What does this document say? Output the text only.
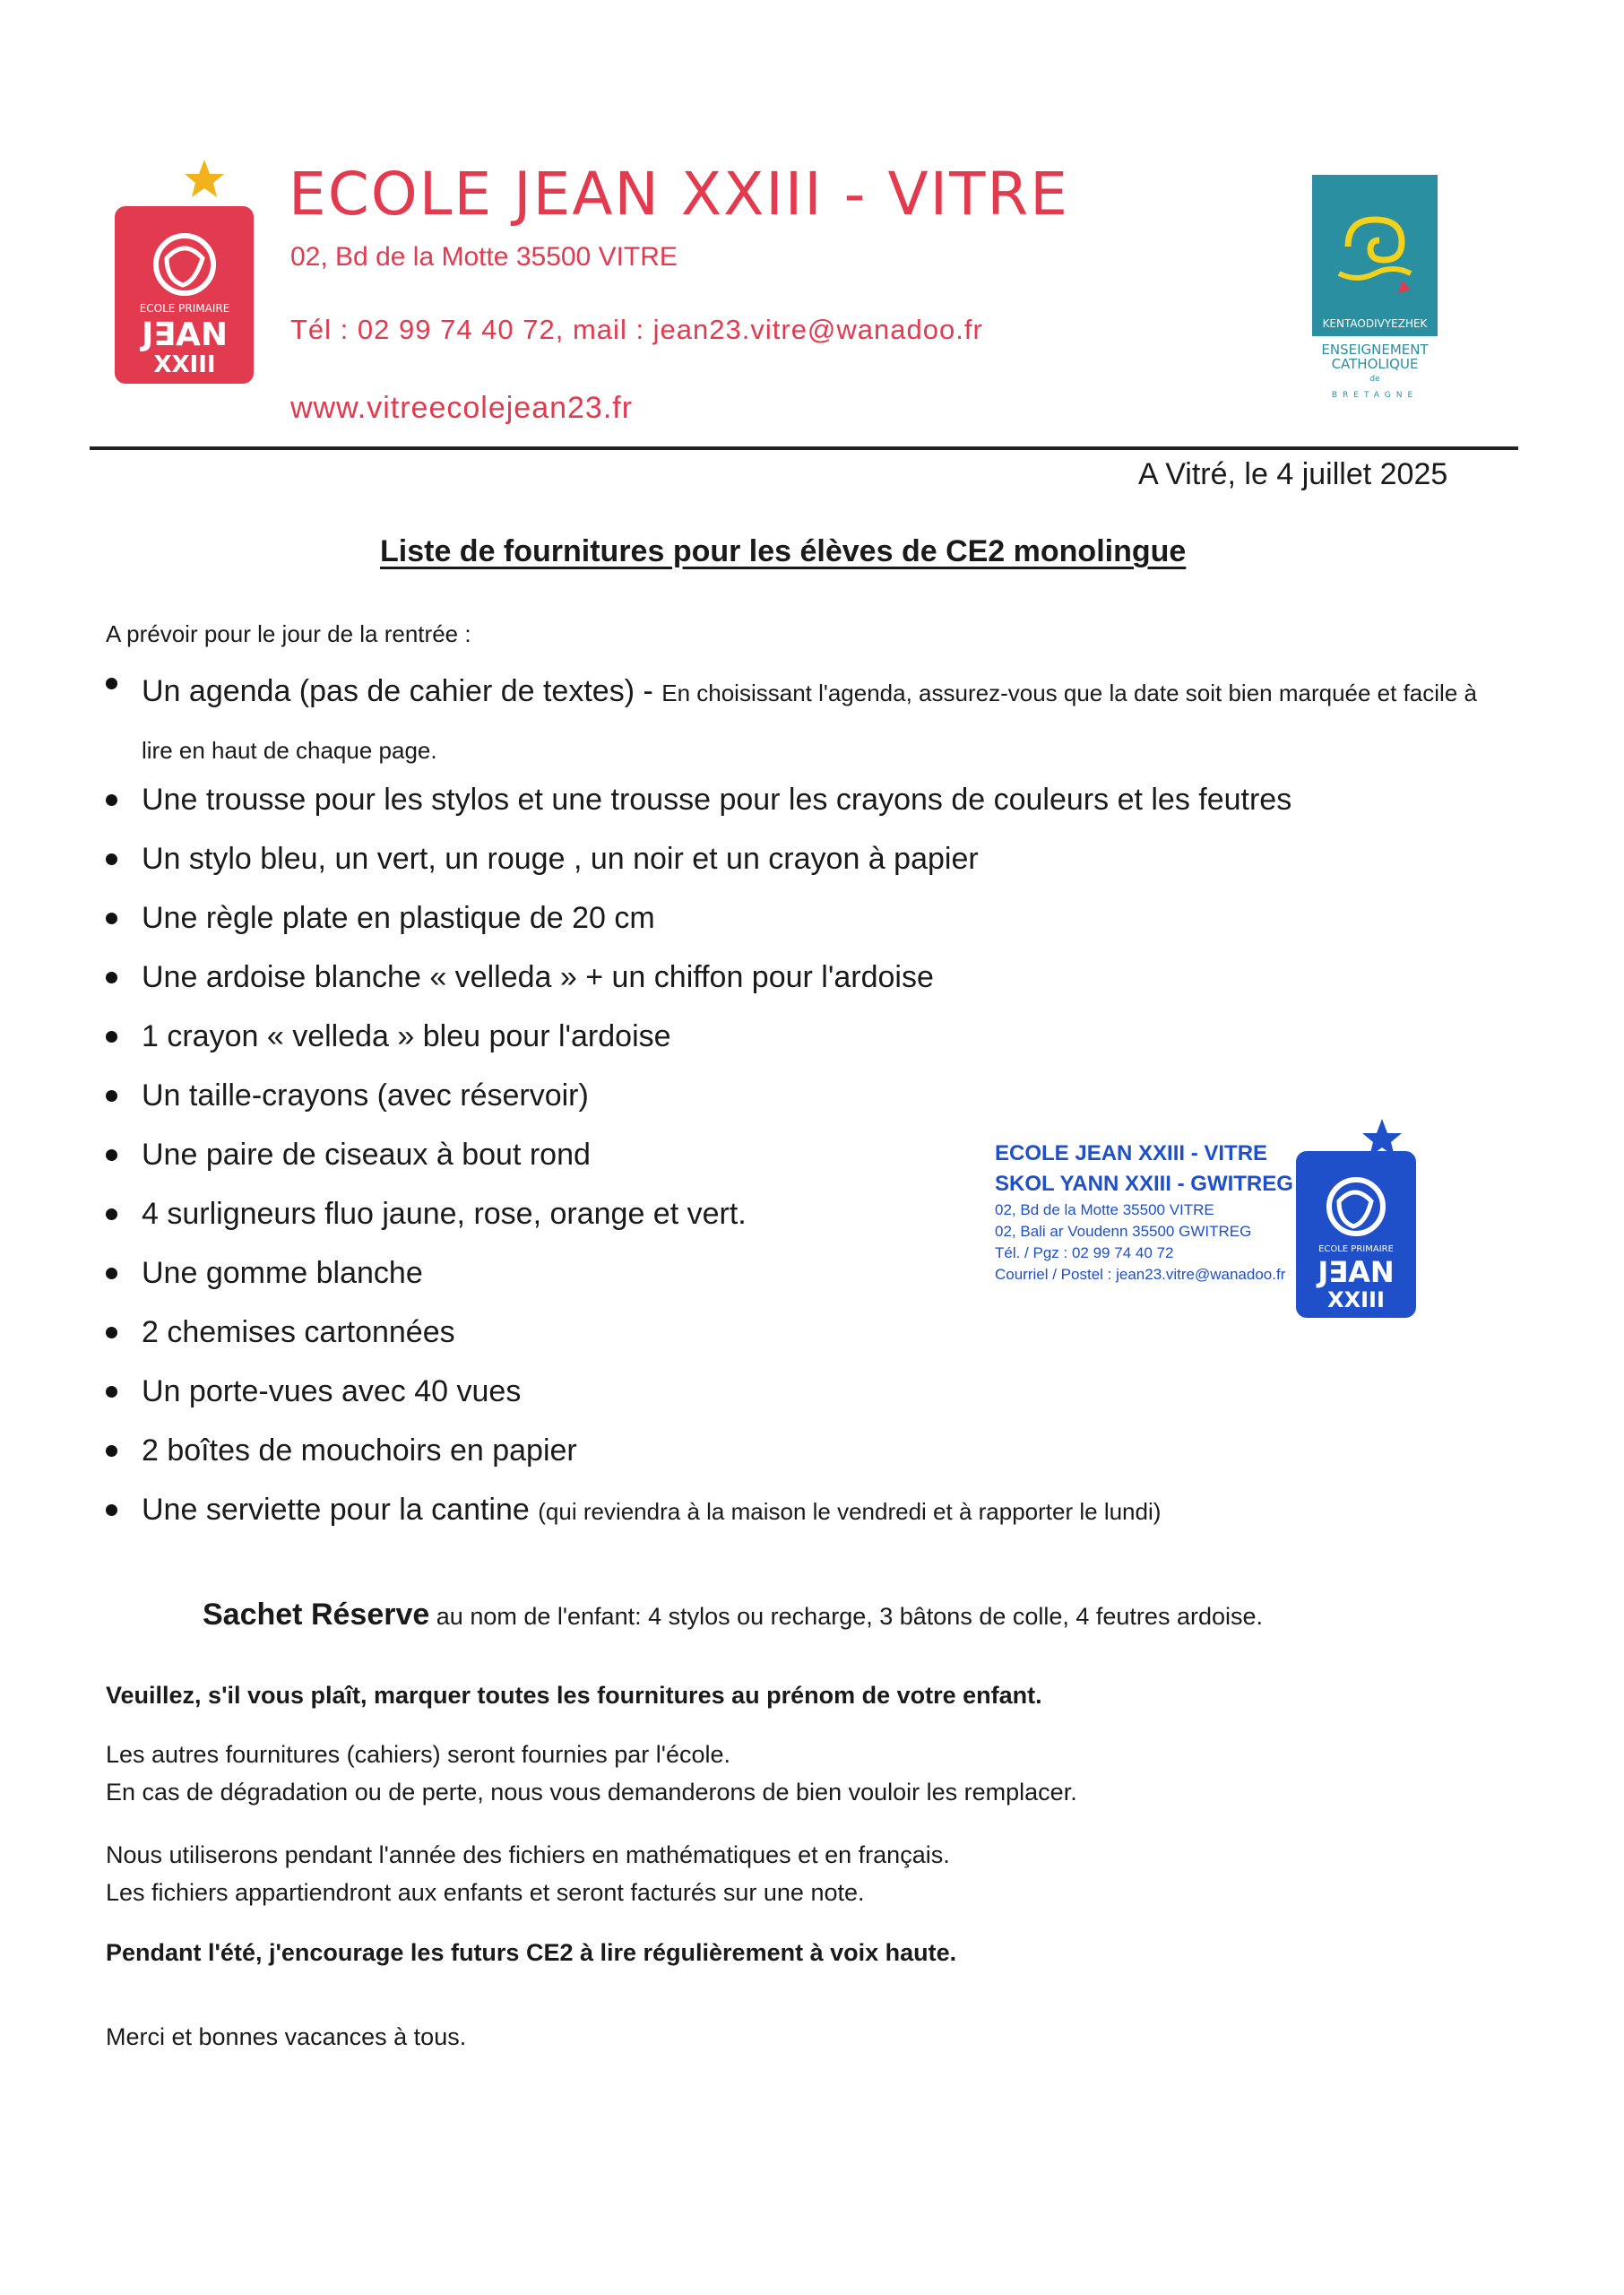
ECOLE PRIMAIRE
J∃AN
XXIII
ECOLE JEAN XXIII - VITRE
02, Bd de la Motte 35500 VITRE
Tél : 02 99 74 40 72, mail : jean23.vitre@wanadoo.fr
www.vitreecolejean23.fr
KENTAODIVYEZHEK
ENSEIGNEMENT
CATHOLIQUE
de
BRETAGNE
A Vitré, le 4 juillet 2025
Liste de fournitures pour les élèves de CE2 monolingue
A prévoir pour le jour de la rentrée :
Un agenda (pas de cahier de textes) - En choisissant l'agenda, assurez-vous que la date soit bien marquée et facile à lire en haut de chaque page.
Une trousse pour les stylos et une trousse pour les crayons de couleurs et les feutres
Un stylo bleu, un vert, un rouge , un noir et un crayon à papier
Une règle plate en plastique de 20 cm
Une ardoise blanche « velleda » + un chiffon pour l'ardoise
1 crayon « velleda » bleu pour l'ardoise
Un taille-crayons (avec réservoir)
Une paire de ciseaux à bout rond
4 surligneurs fluo jaune, rose, orange et vert.
Une gomme blanche
2 chemises cartonnées
Un porte-vues avec 40 vues
2 boîtes de mouchoirs en papier
Une serviette pour la cantine (qui reviendra à la maison le vendredi et à rapporter le lundi)
ECOLE JEAN XXIII - VITRE
SKOL YANN XXIII - GWITREG
02, Bd de la Motte 35500 VITRE
02, Bali ar Voudenn 35500 GWITREG
Tél. / Pgz : 02 99 74 40 72
Courriel / Postel : jean23.vitre@wanadoo.fr
ECOLE PRIMAIRE
J∃AN
XXIII
Sachet Réserve au nom de l'enfant: 4 stylos ou recharge, 3 bâtons de colle, 4 feutres ardoise.
Veuillez, s'il vous plaît, marquer toutes les fournitures au prénom de votre enfant.
Les autres fournitures (cahiers) seront fournies par l'école.
En cas de dégradation ou de perte, nous vous demanderons de bien vouloir les remplacer.
Nous utiliserons pendant l'année des fichiers en mathématiques et en français.
Les fichiers appartiendront aux enfants et seront facturés sur une note.
Pendant l'été, j'encourage les futurs CE2 à lire régulièrement à voix haute.
Merci et bonnes vacances à tous.
